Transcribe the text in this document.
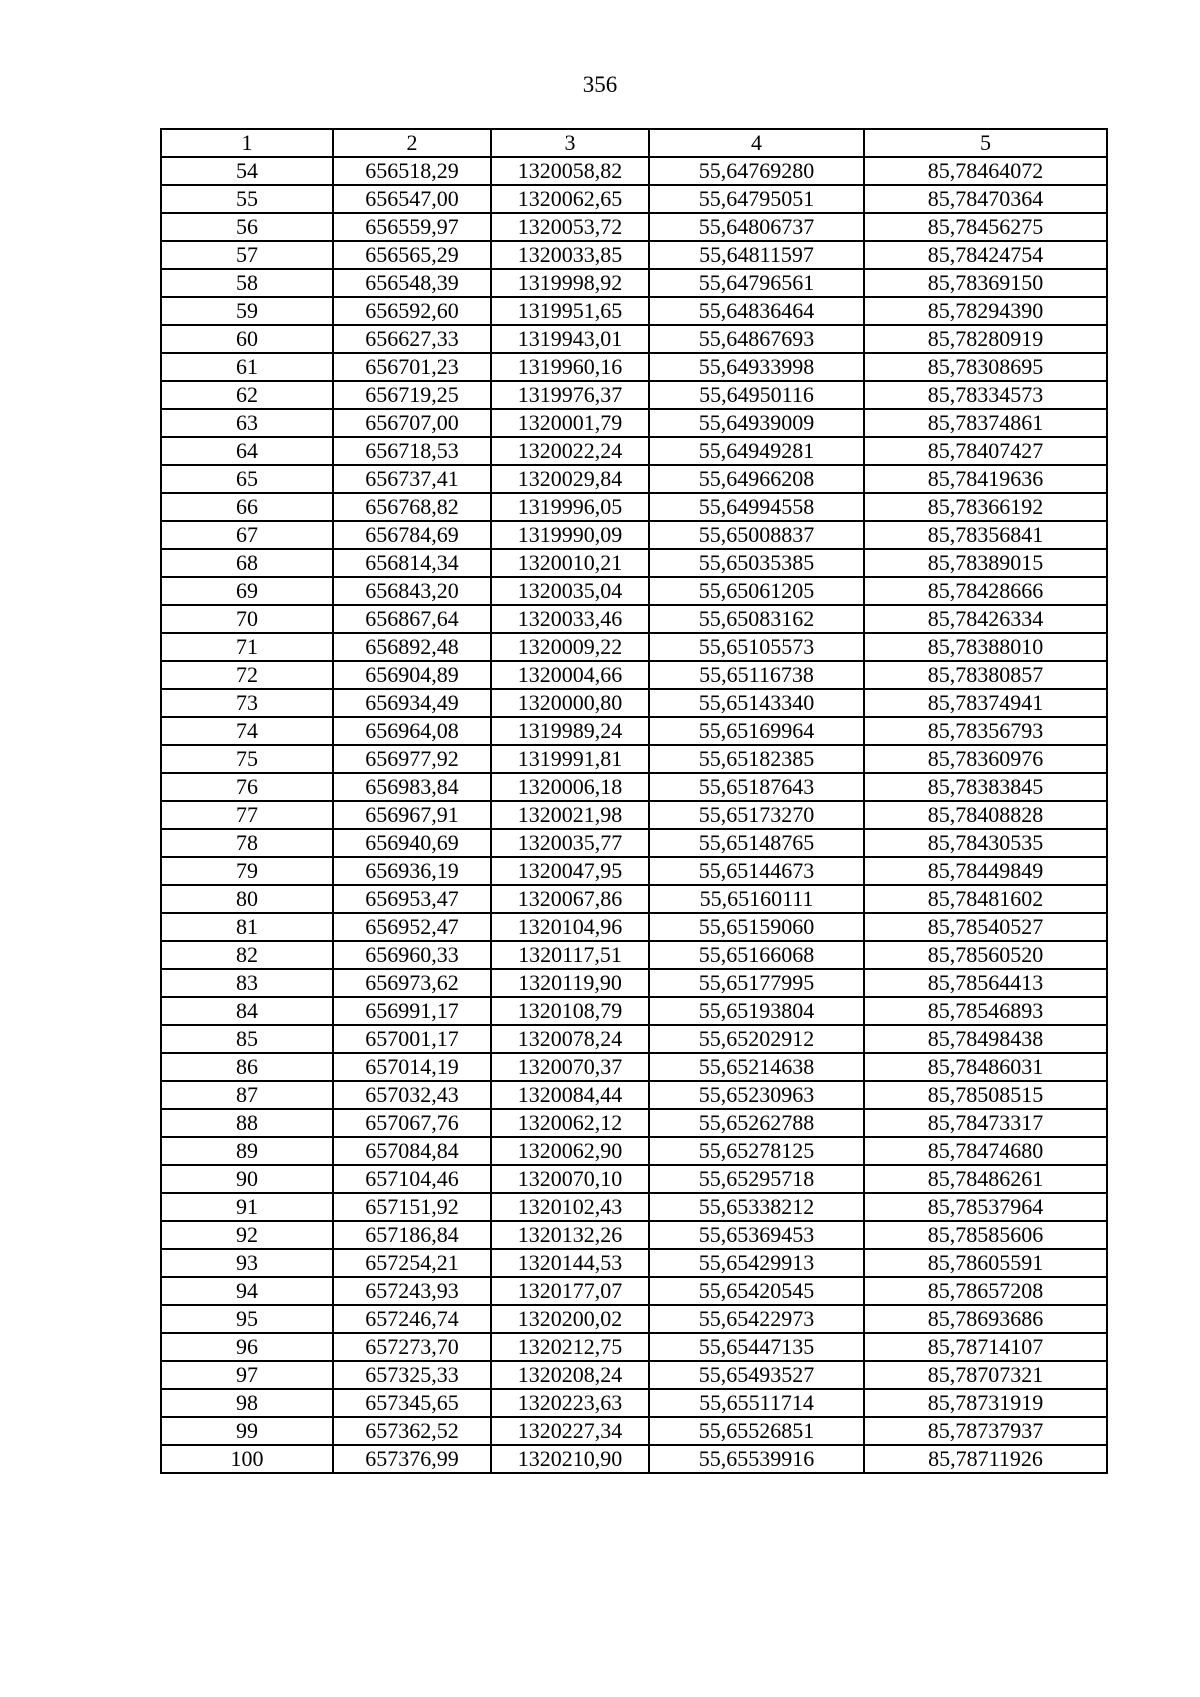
356
1	2	3	4	5
54	656518,29	1320058,82	55,64769280	85,78464072
55	656547,00	1320062,65	55,64795051	85,78470364
56	656559,97	1320053,72	55,64806737	85,78456275
57	656565,29	1320033,85	55,64811597	85,78424754
58	656548,39	1319998,92	55,64796561	85,78369150
59	656592,60	1319951,65	55,64836464	85,78294390
60	656627,33	1319943,01	55,64867693	85,78280919
61	656701,23	1319960,16	55,64933998	85,78308695
62	656719,25	1319976,37	55,64950116	85,78334573
63	656707,00	1320001,79	55,64939009	85,78374861
64	656718,53	1320022,24	55,64949281	85,78407427
65	656737,41	1320029,84	55,64966208	85,78419636
66	656768,82	1319996,05	55,64994558	85,78366192
67	656784,69	1319990,09	55,65008837	85,78356841
68	656814,34	1320010,21	55,65035385	85,78389015
69	656843,20	1320035,04	55,65061205	85,78428666
70	656867,64	1320033,46	55,65083162	85,78426334
71	656892,48	1320009,22	55,65105573	85,78388010
72	656904,89	1320004,66	55,65116738	85,78380857
73	656934,49	1320000,80	55,65143340	85,78374941
74	656964,08	1319989,24	55,65169964	85,78356793
75	656977,92	1319991,81	55,65182385	85,78360976
76	656983,84	1320006,18	55,65187643	85,78383845
77	656967,91	1320021,98	55,65173270	85,78408828
78	656940,69	1320035,77	55,65148765	85,78430535
79	656936,19	1320047,95	55,65144673	85,78449849
80	656953,47	1320067,86	55,65160111	85,78481602
81	656952,47	1320104,96	55,65159060	85,78540527
82	656960,33	1320117,51	55,65166068	85,78560520
83	656973,62	1320119,90	55,65177995	85,78564413
84	656991,17	1320108,79	55,65193804	85,78546893
85	657001,17	1320078,24	55,65202912	85,78498438
86	657014,19	1320070,37	55,65214638	85,78486031
87	657032,43	1320084,44	55,65230963	85,78508515
88	657067,76	1320062,12	55,65262788	85,78473317
89	657084,84	1320062,90	55,65278125	85,78474680
90	657104,46	1320070,10	55,65295718	85,78486261
91	657151,92	1320102,43	55,65338212	85,78537964
92	657186,84	1320132,26	55,65369453	85,78585606
93	657254,21	1320144,53	55,65429913	85,78605591
94	657243,93	1320177,07	55,65420545	85,78657208
95	657246,74	1320200,02	55,65422973	85,78693686
96	657273,70	1320212,75	55,65447135	85,78714107
97	657325,33	1320208,24	55,65493527	85,78707321
98	657345,65	1320223,63	55,65511714	85,78731919
99	657362,52	1320227,34	55,65526851	85,78737937
100	657376,99	1320210,90	55,65539916	85,78711926
